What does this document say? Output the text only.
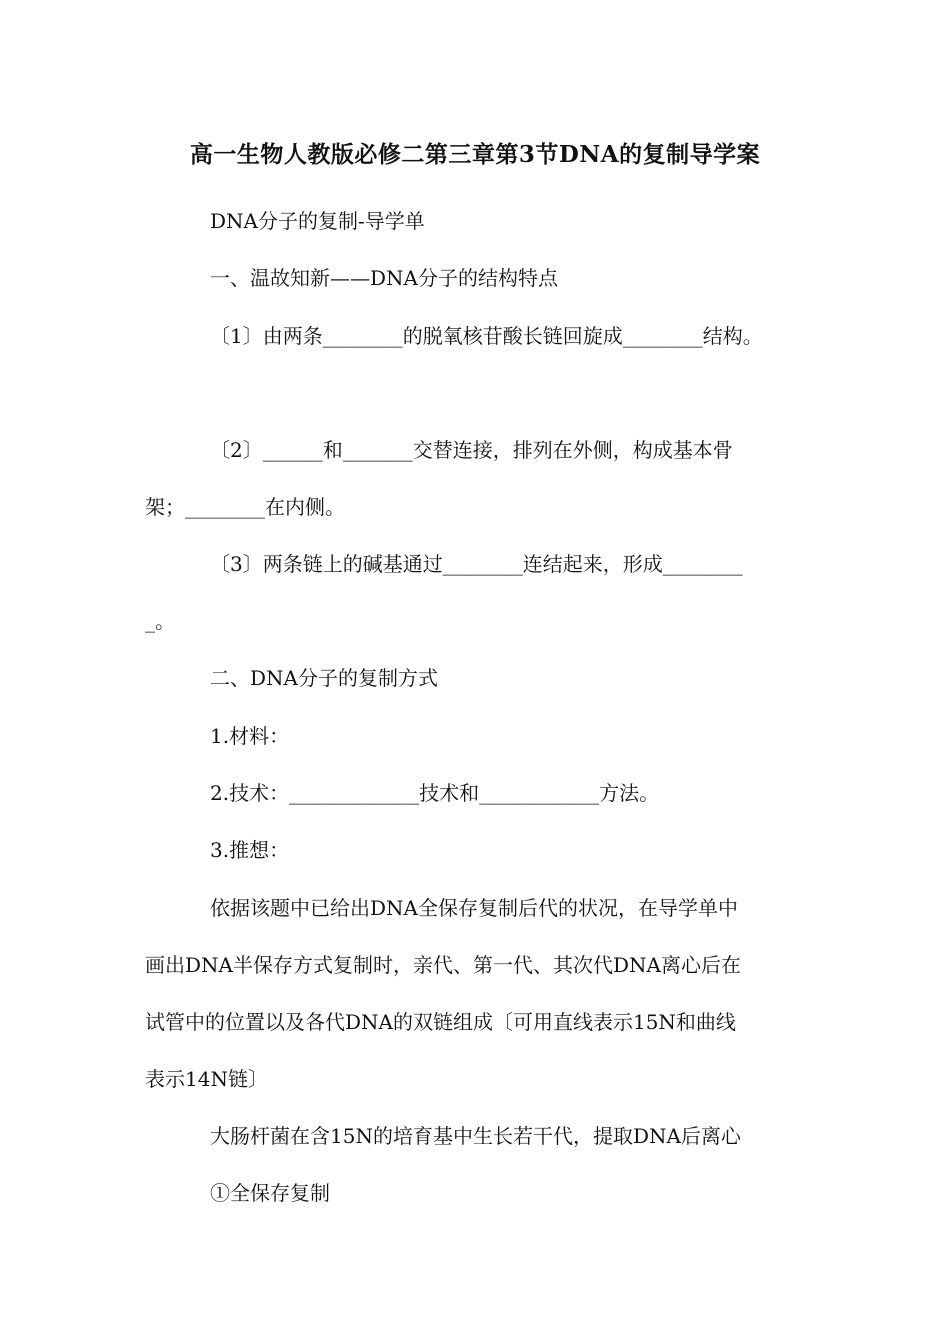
高一生物人教版必修二第三章第3节DNA的复制导学案
DNA分子的复制-导学单
一、温故知新——DNA分子的结构特点
〔1〕由两条________的脱氧核苷酸长链回旋成________结构。
〔2〕______和_______交替连接，排列在外侧，构成基本骨
架；________在内侧。
〔3〕两条链上的碱基通过________连结起来，形成________
_。
二、DNA分子的复制方式
1.材料：
2.技术：_____________技术和____________方法。
3.推想：
依据该题中已给出DNA全保存复制后代的状况，在导学单中
画出DNA半保存方式复制时，亲代、第一代、其次代DNA离心后在
试管中的位置以及各代DNA的双链组成〔可用直线表示15N和曲线
表示14N链〕
大肠杆菌在含15N的培育基中生长若干代，提取DNA后离心
①全保存复制
